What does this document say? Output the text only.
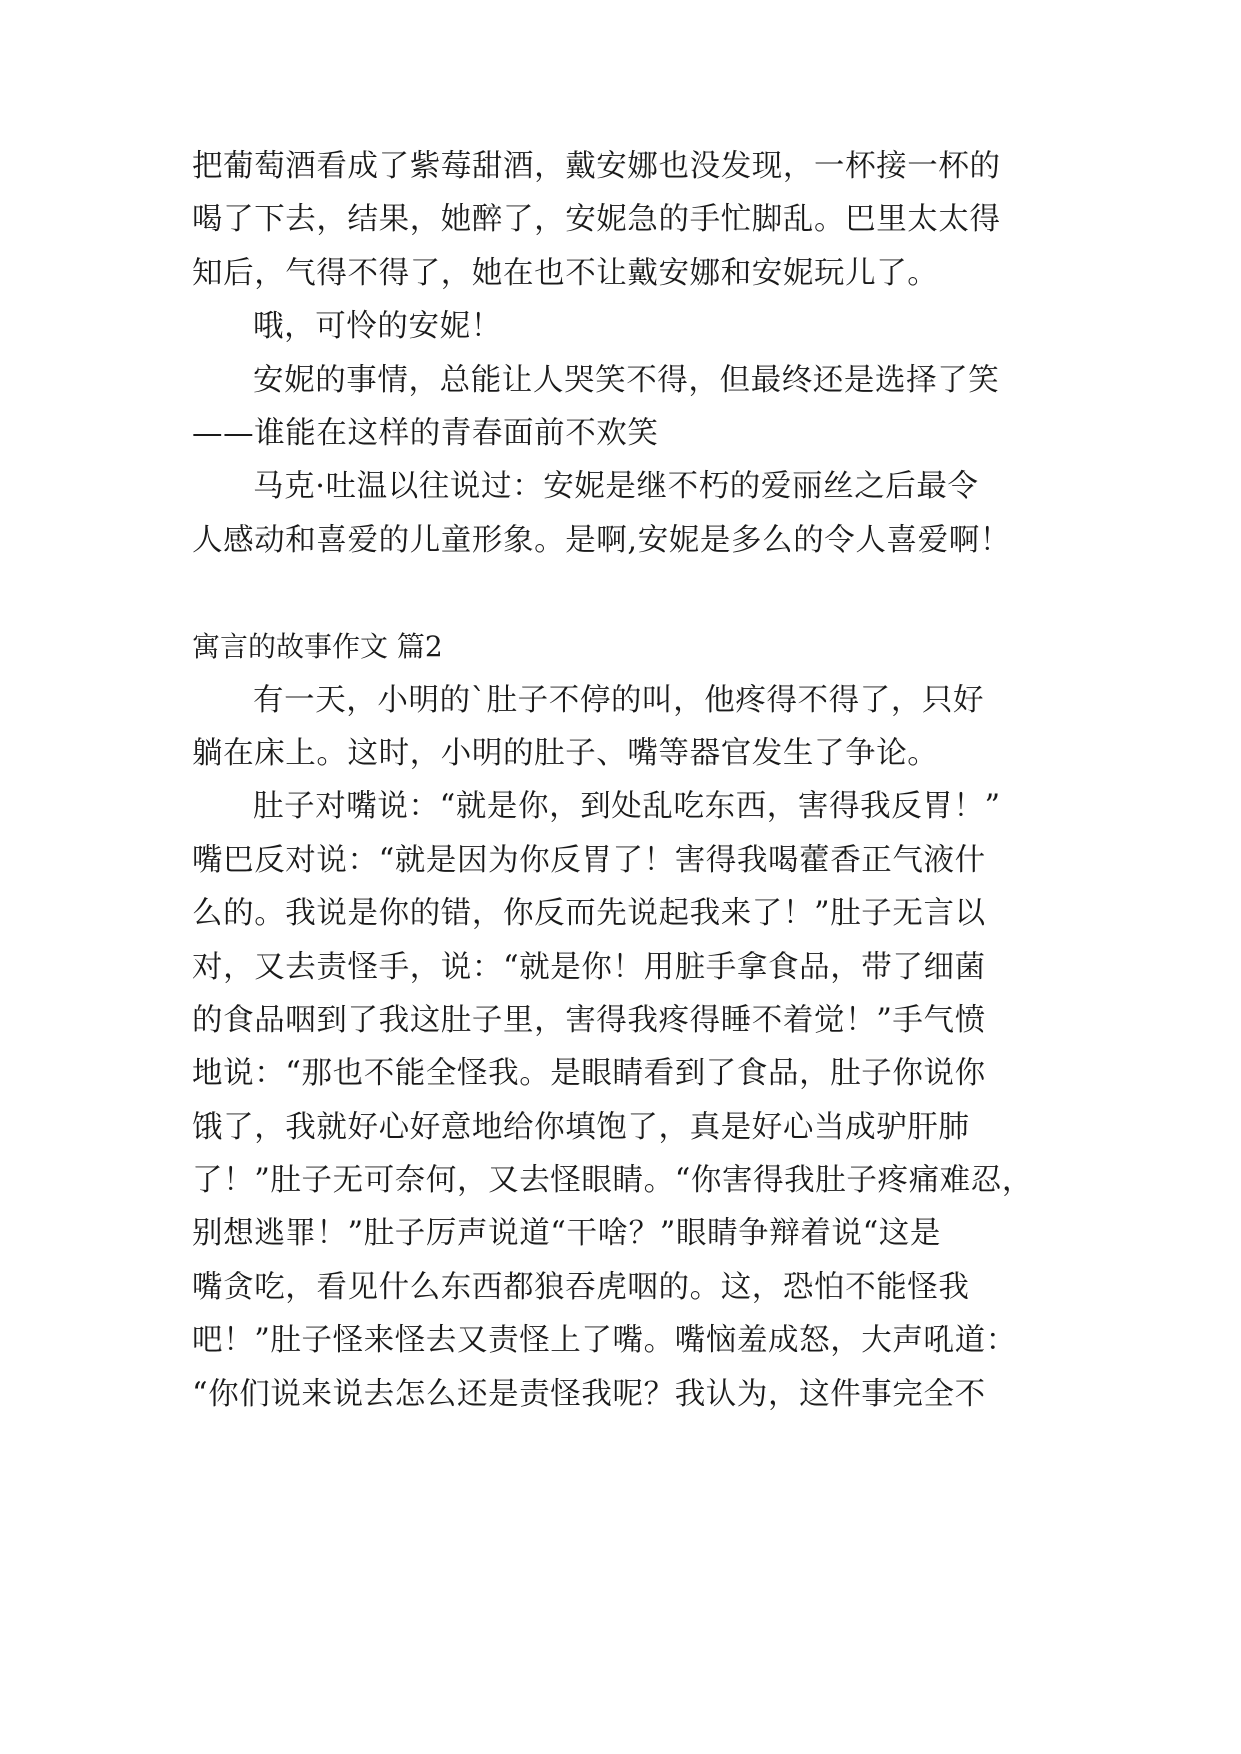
把葡萄酒看成了紫莓甜酒，戴安娜也没发现，一杯接一杯的
喝了下去，结果，她醉了，安妮急的手忙脚乱。巴里太太得
知后，气得不得了，她在也不让戴安娜和安妮玩儿了。
哦，可怜的安妮！
安妮的事情，总能让人哭笑不得，但最终还是选择了笑
——谁能在这样的青春面前不欢笑
马克·吐温以往说过：安妮是继不朽的爱丽丝之后最令
人感动和喜爱的儿童形象。是啊,安妮是多么的令人喜爱啊！
寓言的故事作文 篇2
有一天，小明的`肚子不停的叫，他疼得不得了，只好
躺在床上。这时，小明的肚子、嘴等器官发生了争论。
肚子对嘴说：“就是你，到处乱吃东西，害得我反胃！”
嘴巴反对说：“就是因为你反胃了！害得我喝藿香正气液什
么的。我说是你的错，你反而先说起我来了！”肚子无言以
对，又去责怪手，说：“就是你！用脏手拿食品，带了细菌
的食品咽到了我这肚子里，害得我疼得睡不着觉！”手气愤
地说：“那也不能全怪我。是眼睛看到了食品，肚子你说你
饿了，我就好心好意地给你填饱了，真是好心当成驴肝肺
了！”肚子无可奈何，又去怪眼睛。“你害得我肚子疼痛难忍，
别想逃罪！”肚子厉声说道“干啥？”眼睛争辩着说“这是
嘴贪吃，看见什么东西都狼吞虎咽的。这，恐怕不能怪我
吧！”肚子怪来怪去又责怪上了嘴。嘴恼羞成怒，大声吼道：
“你们说来说去怎么还是责怪我呢？我认为，这件事完全不
